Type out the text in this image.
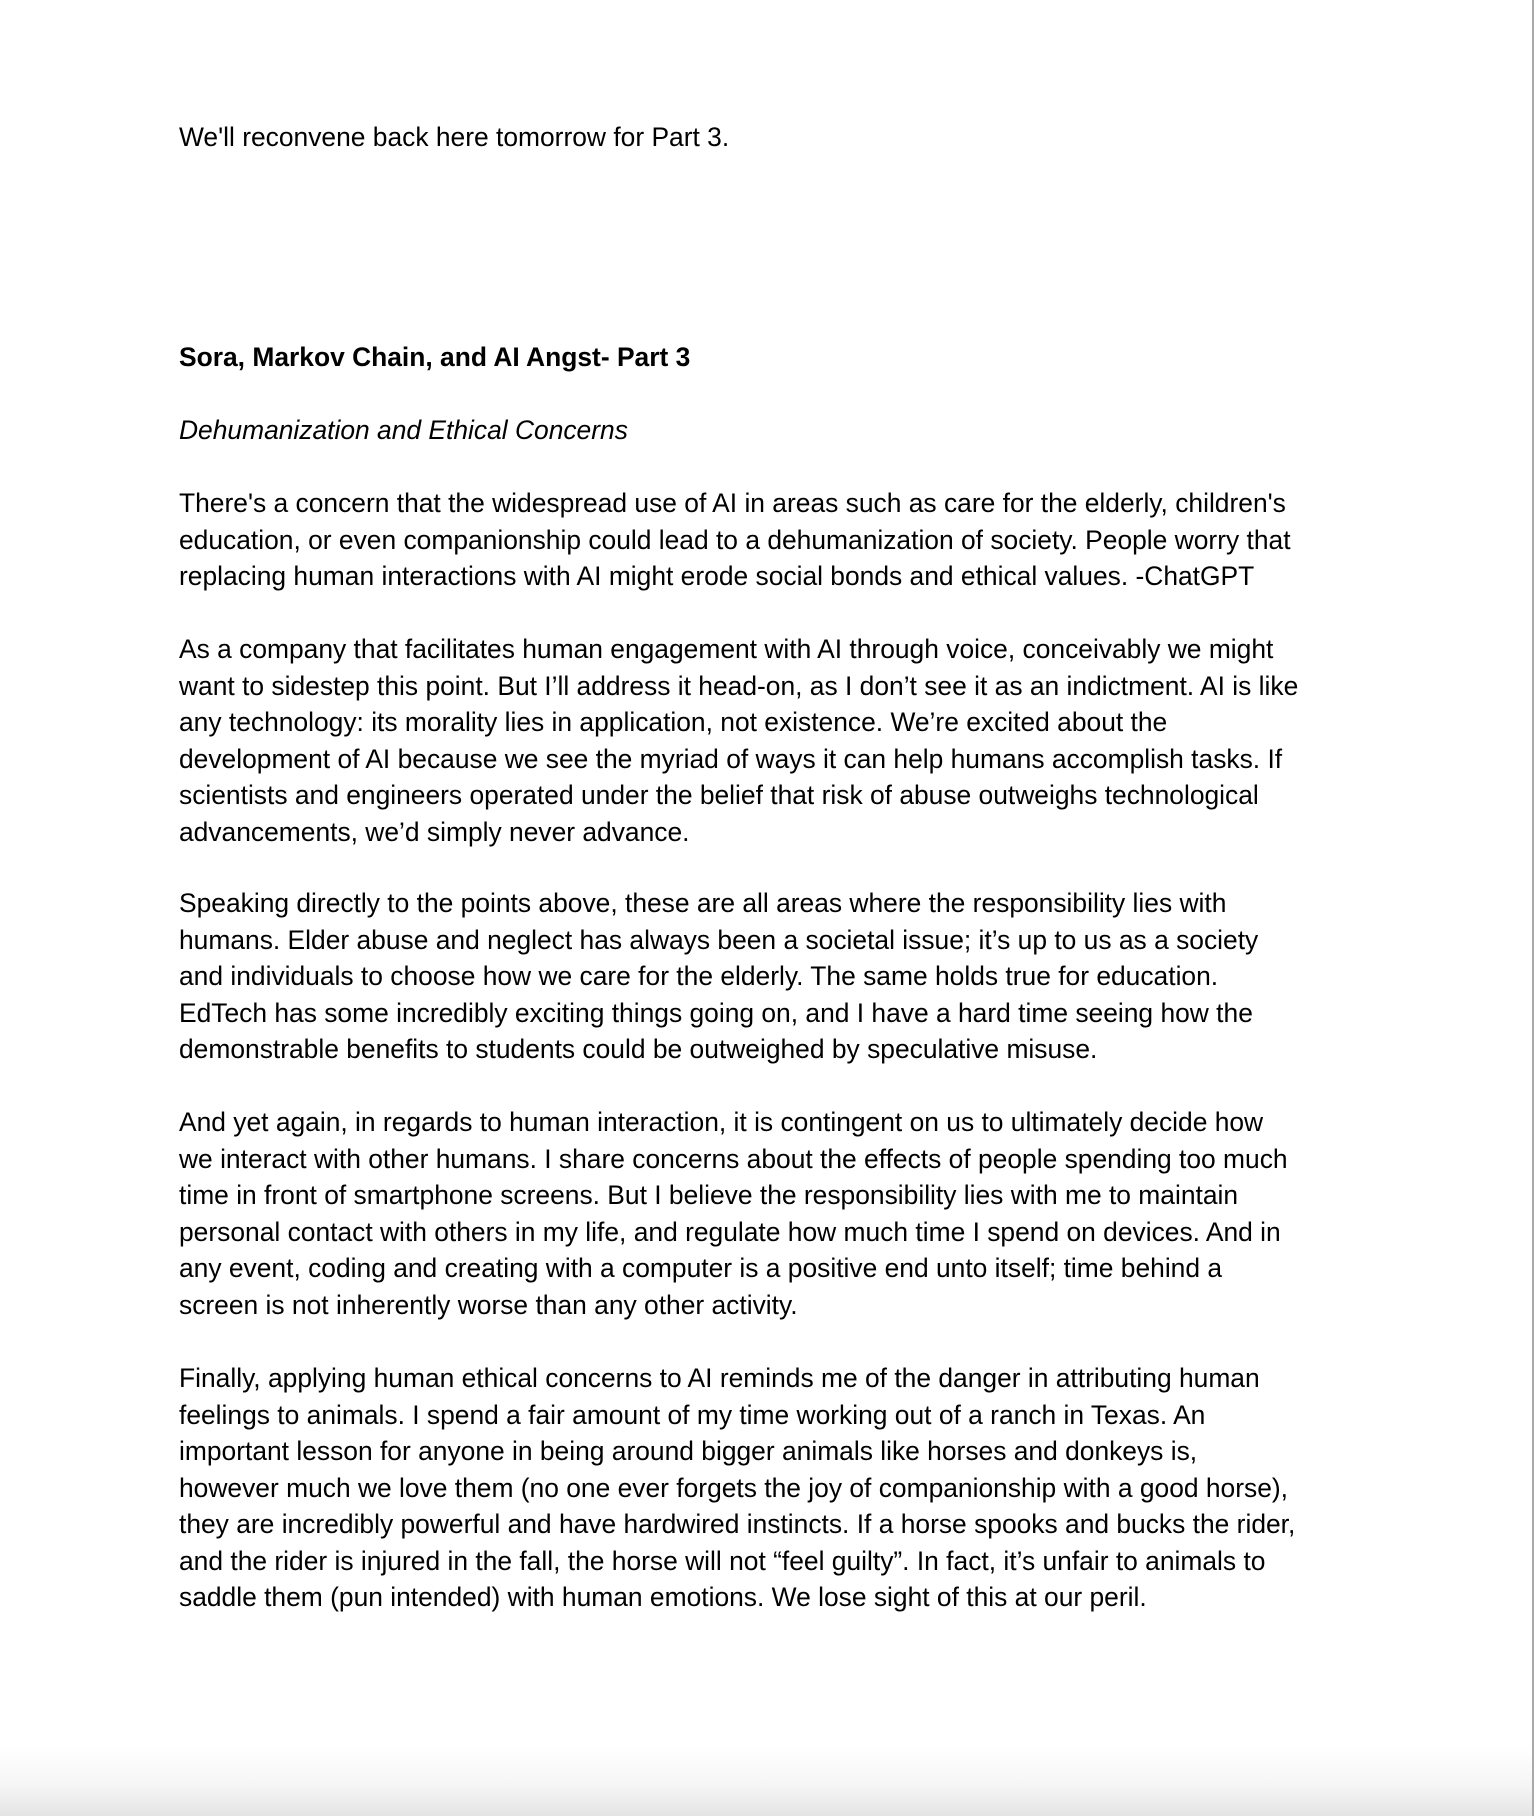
We'll reconvene back here tomorrow for Part 3.
Sora, Markov Chain, and AI Angst- Part 3
Dehumanization and Ethical Concerns

There's a concern that the widespread use of AI in areas such as care for the elderly, children's

education, or even companionship could lead to a dehumanization of society. People worry that

replacing human interactions with AI might erode social bonds and ethical values. -ChatGPT

As a company that facilitates human engagement with AI through voice, conceivably we might

want to sidestep this point. But I’ll address it head-on, as I don’t see it as an indictment. AI is like

any technology: its morality lies in application, not existence. We’re excited about the

development of AI because we see the myriad of ways it can help humans accomplish tasks. If

scientists and engineers operated under the belief that risk of abuse outweighs technological

advancements, we’d simply never advance.

Speaking directly to the points above, these are all areas where the responsibility lies with

humans. Elder abuse and neglect has always been a societal issue; it’s up to us as a society

and individuals to choose how we care for the elderly. The same holds true for education.

EdTech has some incredibly exciting things going on, and I have a hard time seeing how the

demonstrable benefits to students could be outweighed by speculative misuse.

And yet again, in regards to human interaction, it is contingent on us to ultimately decide how

we interact with other humans. I share concerns about the effects of people spending too much

time in front of smartphone screens. But I believe the responsibility lies with me to maintain

personal contact with others in my life, and regulate how much time I spend on devices. And in

any event, coding and creating with a computer is a positive end unto itself; time behind a

screen is not inherently worse than any other activity.

Finally, applying human ethical concerns to AI reminds me of the danger in attributing human

feelings to animals. I spend a fair amount of my time working out of a ranch in Texas. An

important lesson for anyone in being around bigger animals like horses and donkeys is,

however much we love them (no one ever forgets the joy of companionship with a good horse),

they are incredibly powerful and have hardwired instincts. If a horse spooks and bucks the rider,

and the rider is injured in the fall, the horse will not “feel guilty”. In fact, it’s unfair to animals to

saddle them (pun intended) with human emotions. We lose sight of this at our peril.
